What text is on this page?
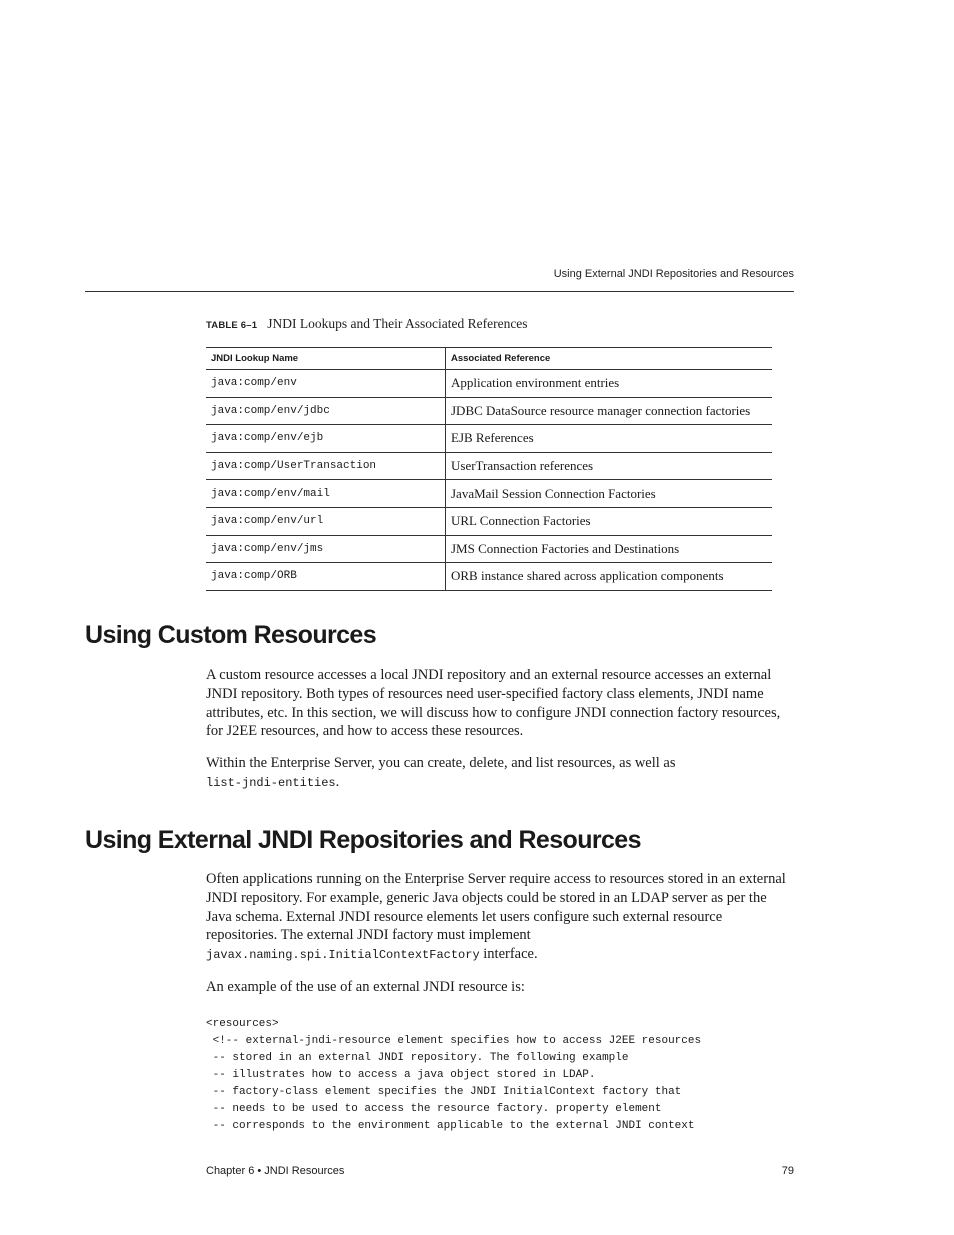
Using External JNDI Repositories and Resources
TABLE 6–1 JNDI Lookups and Their Associated References
JNDI Lookup Name	Associated Reference
java:comp/env	Application environment entries
java:comp/env/jdbc	JDBC DataSource resource manager connection factories
java:comp/env/ejb	EJB References
java:comp/UserTransaction	UserTransaction references
java:comp/env/mail	JavaMail Session Connection Factories
java:comp/env/url	URL Connection Factories
java:comp/env/jms	JMS Connection Factories and Destinations
java:comp/ORB	ORB instance shared across application components
Using Custom Resources

A custom resource accesses a local JNDI repository and an external resource accesses an external JNDI repository. Both types of resources need user-specified factory class elements, JNDI name attributes, etc. In this section, we will discuss how to configure JNDI connection factory resources, for J2EE resources, and how to access these resources.

Within the Enterprise Server, you can create, delete, and list resources, as well as
list-jndi-entities.

Using External JNDI Repositories and Resources

Often applications running on the Enterprise Server require access to resources stored in an external JNDI repository. For example, generic Java objects could be stored in an LDAP server as per the Java schema. External JNDI resource elements let users configure such external resource repositories. The external JNDI factory must implement
javax.naming.spi.InitialContextFactory interface.

An example of the use of an external JNDI resource is:

<resources>
<!-- external-jndi-resource element specifies how to access J2EE resources
-- stored in an external JNDI repository. The following example
-- illustrates how to access a java object stored in LDAP.
-- factory-class element specifies the JNDI InitialContext factory that
-- needs to be used to access the resource factory. property element
-- corresponds to the environment applicable to the external JNDI context
Chapter 6 • JNDI Resources	79
